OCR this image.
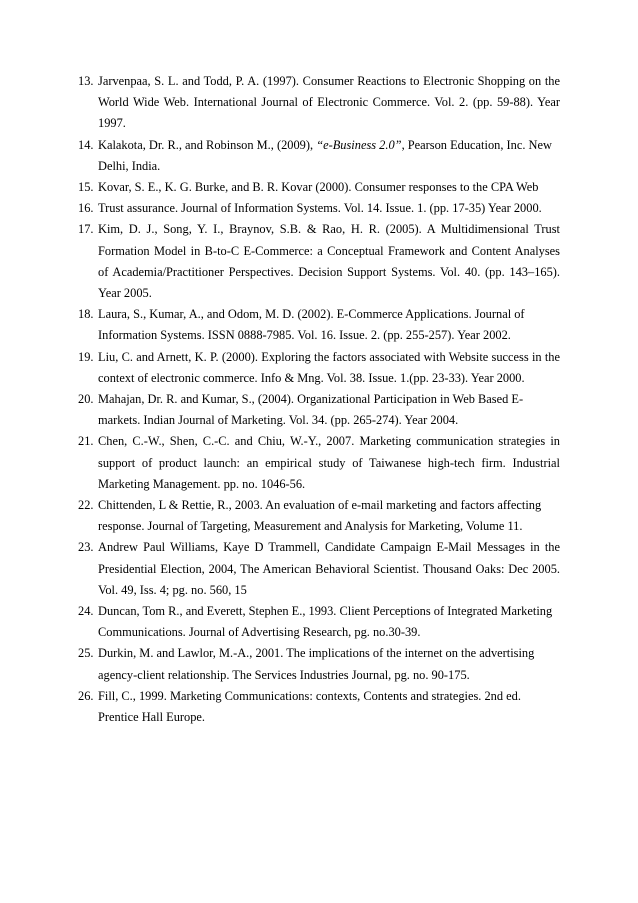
13. Jarvenpaa, S. L. and Todd, P. A. (1997). Consumer Reactions to Electronic Shopping on the World Wide Web. International Journal of Electronic Commerce. Vol. 2. (pp. 59-88). Year 1997.
14. Kalakota, Dr. R., and Robinson M., (2009), “e-Business 2.0”, Pearson Education, Inc. New Delhi, India.
15. Kovar, S. E., K. G. Burke, and B. R. Kovar (2000). Consumer responses to the CPA Web
16. Trust assurance. Journal of Information Systems. Vol. 14. Issue. 1. (pp. 17-35) Year 2000.
17. Kim, D. J., Song, Y. I., Braynov, S.B. & Rao, H. R. (2005). A Multidimensional Trust Formation Model in B-to-C E-Commerce: a Conceptual Framework and Content Analyses of Academia/Practitioner Perspectives. Decision Support Systems. Vol. 40. (pp. 143–165). Year 2005.
18. Laura, S., Kumar, A., and Odom, M. D. (2002). E-Commerce Applications. Journal of Information Systems. ISSN 0888-7985. Vol. 16. Issue. 2. (pp. 255-257). Year 2002.
19. Liu, C. and Arnett, K. P. (2000). Exploring the factors associated with Website success in the context of electronic commerce. Info & Mng. Vol. 38. Issue. 1.(pp. 23-33). Year 2000.
20. Mahajan, Dr. R. and Kumar, S., (2004). Organizational Participation in Web Based E-markets. Indian Journal of Marketing. Vol. 34. (pp. 265-274). Year 2004.
21. Chen, C.-W., Shen, C.-C. and Chiu, W.-Y., 2007. Marketing communication strategies in support of product launch: an empirical study of Taiwanese high-tech firm. Industrial Marketing Management. pp. no. 1046-56.
22. Chittenden, L & Rettie, R., 2003. An evaluation of e-mail marketing and factors affecting response. Journal of Targeting, Measurement and Analysis for Marketing, Volume 11.
23. Andrew Paul Williams, Kaye D Trammell, Candidate Campaign E-Mail Messages in the Presidential Election, 2004, The American Behavioral Scientist. Thousand Oaks: Dec 2005. Vol. 49, Iss. 4; pg. no. 560, 15
24. Duncan, Tom R., and Everett, Stephen E., 1993. Client Perceptions of Integrated Marketing Communications. Journal of Advertising Research, pg. no.30-39.
25. Durkin, M. and Lawlor, M.-A., 2001. The implications of the internet on the advertising agency-client relationship. The Services Industries Journal, pg. no. 90-175.
26. Fill, C., 1999. Marketing Communications: contexts, Contents and strategies. 2nd ed. Prentice Hall Europe.
